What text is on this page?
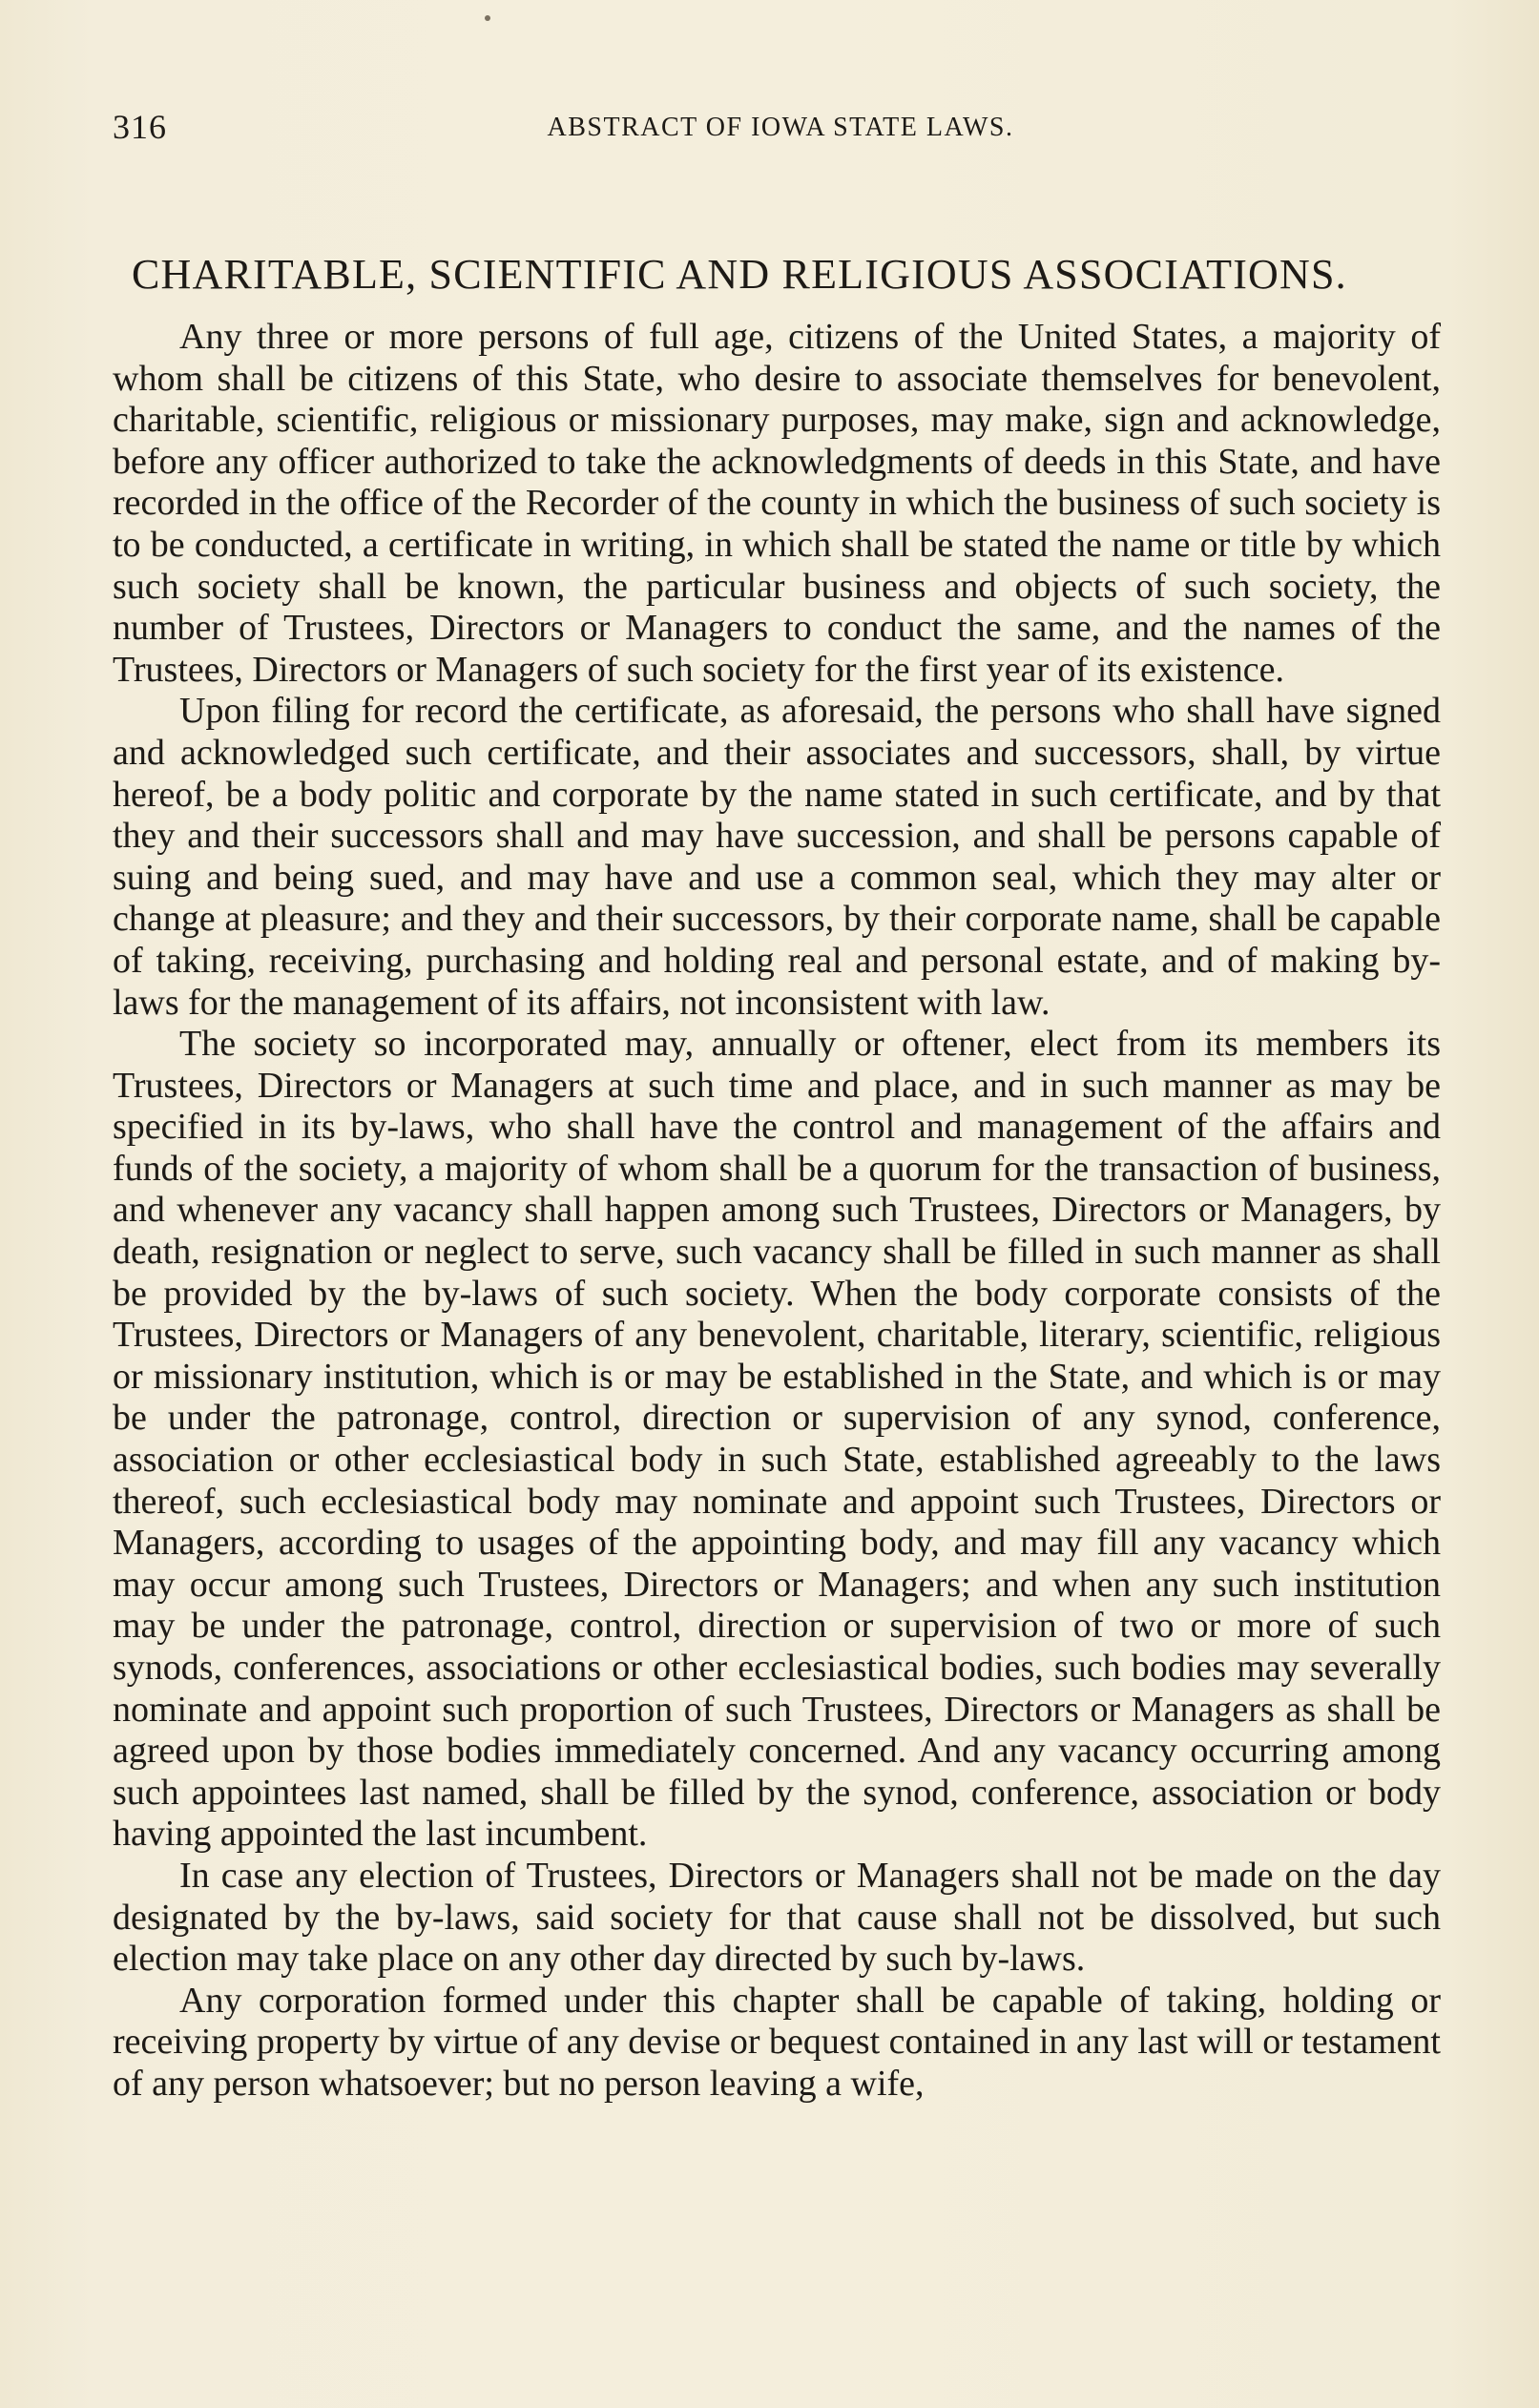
316	ABSTRACT OF IOWA STATE LAWS.
CHARITABLE, SCIENTIFIC AND RELIGIOUS ASSOCIATIONS.

Any three or more persons of full age, citizens of the United States, a majority of whom shall be citizens of this State, who desire to associate themselves for benevolent, charitable, scientific, religious or missionary purposes, may make, sign and acknowledge, before any officer authorized to take the acknowledgments of deeds in this State, and have recorded in the office of the Recorder of the county in which the business of such society is to be conducted, a certificate in writing, in which shall be stated the name or title by which such society shall be known, the particular business and objects of such society, the number of Trustees, Directors or Managers to conduct the same, and the names of the Trustees, Directors or Managers of such society for the first year of its existence.

Upon filing for record the certificate, as aforesaid, the persons who shall have signed and acknowledged such certificate, and their associates and successors, shall, by virtue hereof, be a body politic and corporate by the name stated in such certificate, and by that they and their successors shall and may have succession, and shall be persons capable of suing and being sued, and may have and use a common seal, which they may alter or change at pleasure; and they and their successors, by their corporate name, shall be capable of taking, receiving, purchasing and holding real and personal estate, and of making by-laws for the management of its affairs, not inconsistent with law.

The society so incorporated may, annually or oftener, elect from its members its Trustees, Directors or Managers at such time and place, and in such manner as may be specified in its by-laws, who shall have the control and management of the affairs and funds of the society, a majority of whom shall be a quorum for the transaction of business, and whenever any vacancy shall happen among such Trustees, Directors or Managers, by death, resignation or neglect to serve, such vacancy shall be filled in such manner as shall be provided by the by-laws of such society. When the body corporate consists of the Trustees, Directors or Managers of any benevolent, charitable, literary, scientific, religious or missionary institution, which is or may be established in the State, and which is or may be under the patronage, control, direction or supervision of any synod, conference, association or other ecclesiastical body in such State, established agreeably to the laws thereof, such ecclesiastical body may nominate and appoint such Trustees, Directors or Managers, according to usages of the appointing body, and may fill any vacancy which may occur among such Trustees, Directors or Managers; and when any such institution may be under the patronage, control, direction or supervision of two or more of such synods, conferences, associations or other ecclesiastical bodies, such bodies may severally nominate and appoint such proportion of such Trustees, Directors or Managers as shall be agreed upon by those bodies immediately concerned. And any vacancy occurring among such appointees last named, shall be filled by the synod, conference, association or body having appointed the last incumbent.

In case any election of Trustees, Directors or Managers shall not be made on the day designated by the by-laws, said society for that cause shall not be dissolved, but such election may take place on any other day directed by such by-laws.

Any corporation formed under this chapter shall be capable of taking, holding or receiving property by virtue of any devise or bequest contained in any last will or testament of any person whatsoever; but no person leaving a wife,
